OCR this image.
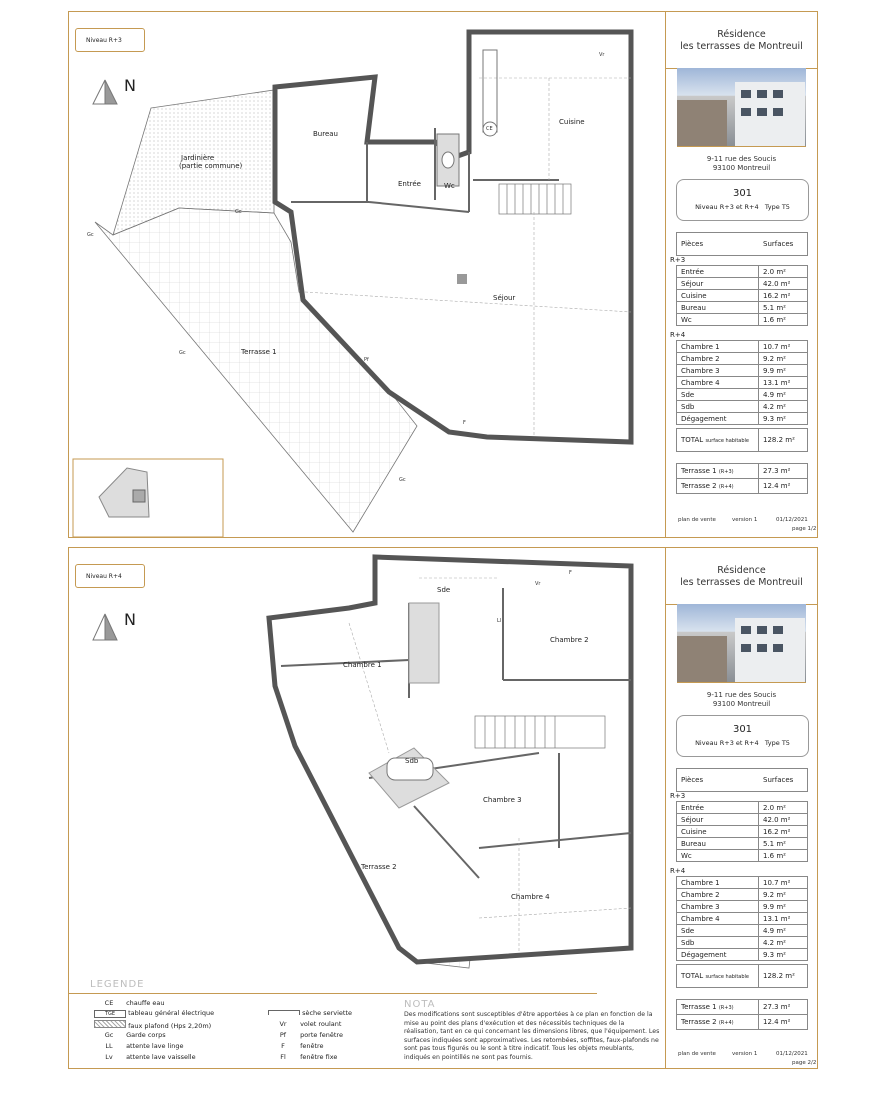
Niveau R+3
N
Jardinière
(partie commune)
Bureau
Entrée	Wc
Cuisine
Séjour
Terrasse 1
Gc
Gc
Gc
Gc
Vr
Pf
F
CE
Résidence
les terrasses de Montreuil
9-11 rue des Soucis
93100 Montreuil
301
Niveau R+3 et R+4 Type T5
Pièces	Surfaces
R+3
Entrée	2.0 m²
Séjour	42.0 m²
Cuisine	16.2 m²
Bureau	5.1 m²
Wc	1.6 m²
R+4
Chambre 1	10.7 m²
Chambre 2	9.2 m²
Chambre 3	9.9 m²
Chambre 4	13.1 m²
Sde	4.9 m²
Sdb	4.2 m²
Dégagement	9.3 m²
TOTAL surface habitable	128.2 m²
Terrasse 1 (R+3)	27.3 m²
Terrasse 2 (R+4)	12.4 m²
plan de vente	version 1	01/12/2021
page 1/2
Niveau R+4
N
Sde
Chambre 1
Chambre 2
Sdb
Chambre 3
Terrasse 2
Chambre 4
Vr
F
Ll
Résidence
les terrasses de Montreuil
9-11 rue des Soucis
93100 Montreuil
301
Niveau R+3 et R+4 Type T5
Pièces	Surfaces
R+3
Entrée	2.0 m²
Séjour	42.0 m²
Cuisine	16.2 m²
Bureau	5.1 m²
Wc	1.6 m²
R+4
Chambre 1	10.7 m²
Chambre 2	9.2 m²
Chambre 3	9.9 m²
Chambre 4	13.1 m²
Sde	4.9 m²
Sdb	4.2 m²
Dégagement	9.3 m²
TOTAL surface habitable	128.2 m²
Terrasse 1 (R+3)	27.3 m²
Terrasse 2 (R+4)	12.4 m²
plan de vente	version 1	01/12/2021
page 2/2
LEGENDE
CE chauffe eau
TGE tableau général électrique
faux plafond (Hps 2,20m)
Gc Garde corps
LL attente lave linge
Lv attente lave vaisselle
sèche serviette
Vr volet roulant
Pf porte fenêtre
F fenêtre
Fl fenêtre fixe
NOTA
Des modifications sont susceptibles d'être apportées à ce plan en fonction de la mise au point des plans d'exécution et des nécessités techniques de la réalisation, tant en ce qui concernant les dimensions libres, que l'équipement. Les surfaces indiquées sont approximatives. Les retombées, soffites, faux-plafonds ne sont pas tous figurés ou le sont à titre indicatif. Tous les objets meublants, indiqués en pointillés ne sont pas fournis.
